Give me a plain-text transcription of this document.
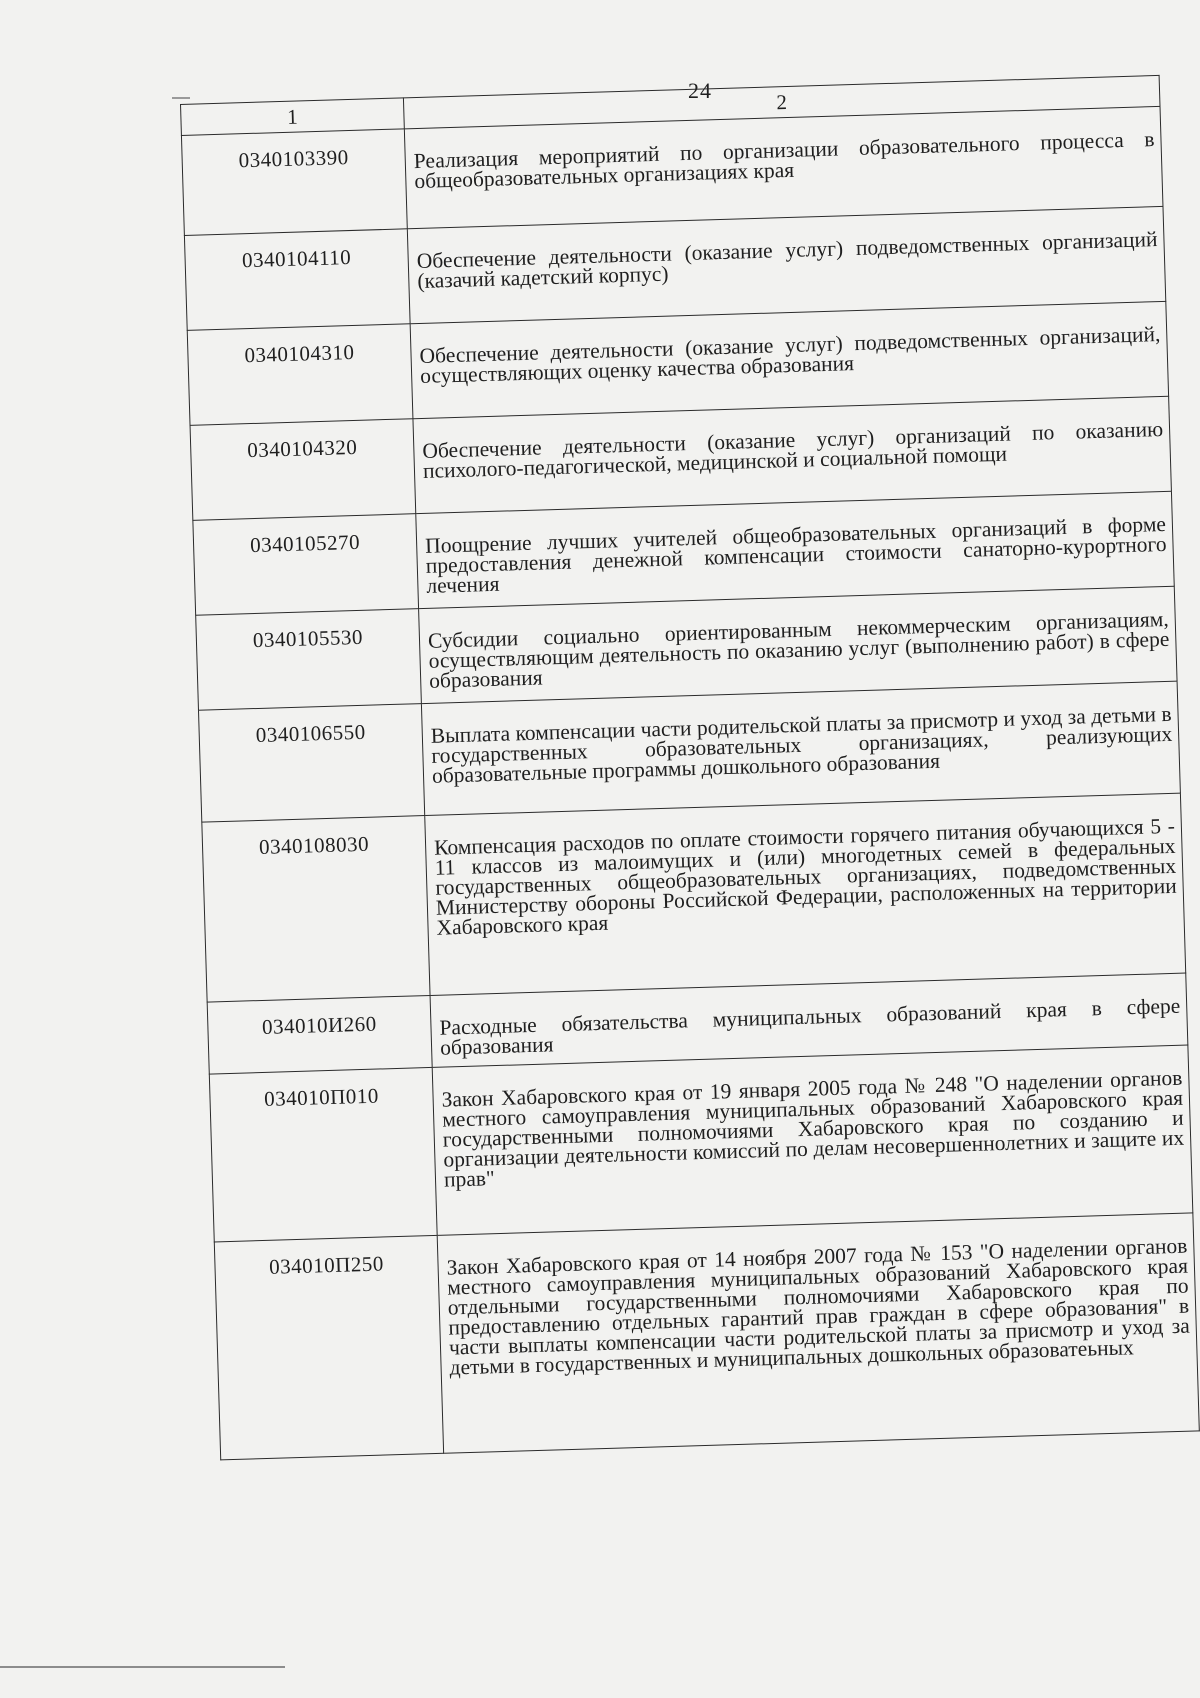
24
1	2
0340103390	Реализация мероприятий по организации образовательного процесса в общеобразовательных организациях края
0340104110	Обеспечение деятельности (оказание услуг) подведомственных организаций (казачий кадетский корпус)
0340104310	Обеспечение деятельности (оказание услуг) подведомственных организаций, осуществляющих оценку качества образования
0340104320	Обеспечение деятельности (оказание услуг) организаций по оказанию психолого-педагогической, медицинской и социальной помощи
0340105270	Поощрение лучших учителей общеобразовательных организаций в форме предоставления денежной компенсации стоимости санаторно-курортного лечения
0340105530	Субсидии социально ориентированным некоммерческим организациям, осуществляющим деятельность по оказанию услуг (выполнению работ) в сфере образования
0340106550	Выплата компенсации части родительской платы за присмотр и уход за детьми в государственных образовательных организациях, реализующих образовательные программы дошкольного образования
0340108030	Компенсация расходов по оплате стоимости горячего питания обучающихся 5 - 11 классов из малоимущих и (или) многодетных семей в федеральных государственных общеобразовательных организациях, подведомственных Министерству обороны Российской Федерации, расположенных на территории Хабаровского края
034010И260	Расходные обязательства муниципальных образований края в сфере образования
034010П010	Закон Хабаровского края от 19 января 2005 года № 248 "О наделении органов местного самоуправления муниципальных образований Хабаровского края государственными полномочиями Хабаровского края по созданию и организации деятельности комиссий по делам несовершеннолетних и защите их прав"
034010П250	Закон Хабаровского края от 14 ноября 2007 года № 153 "О наделении органов местного самоуправления муниципальных образований Хабаровского края отдельными государственными полномочиями Хабаровского края по предоставлению отдельных гарантий прав граждан в сфере образования" в части выплаты компенсации части родительской платы за присмотр и уход за детьми в государственных и муниципальных дошкольных образоватеьных
